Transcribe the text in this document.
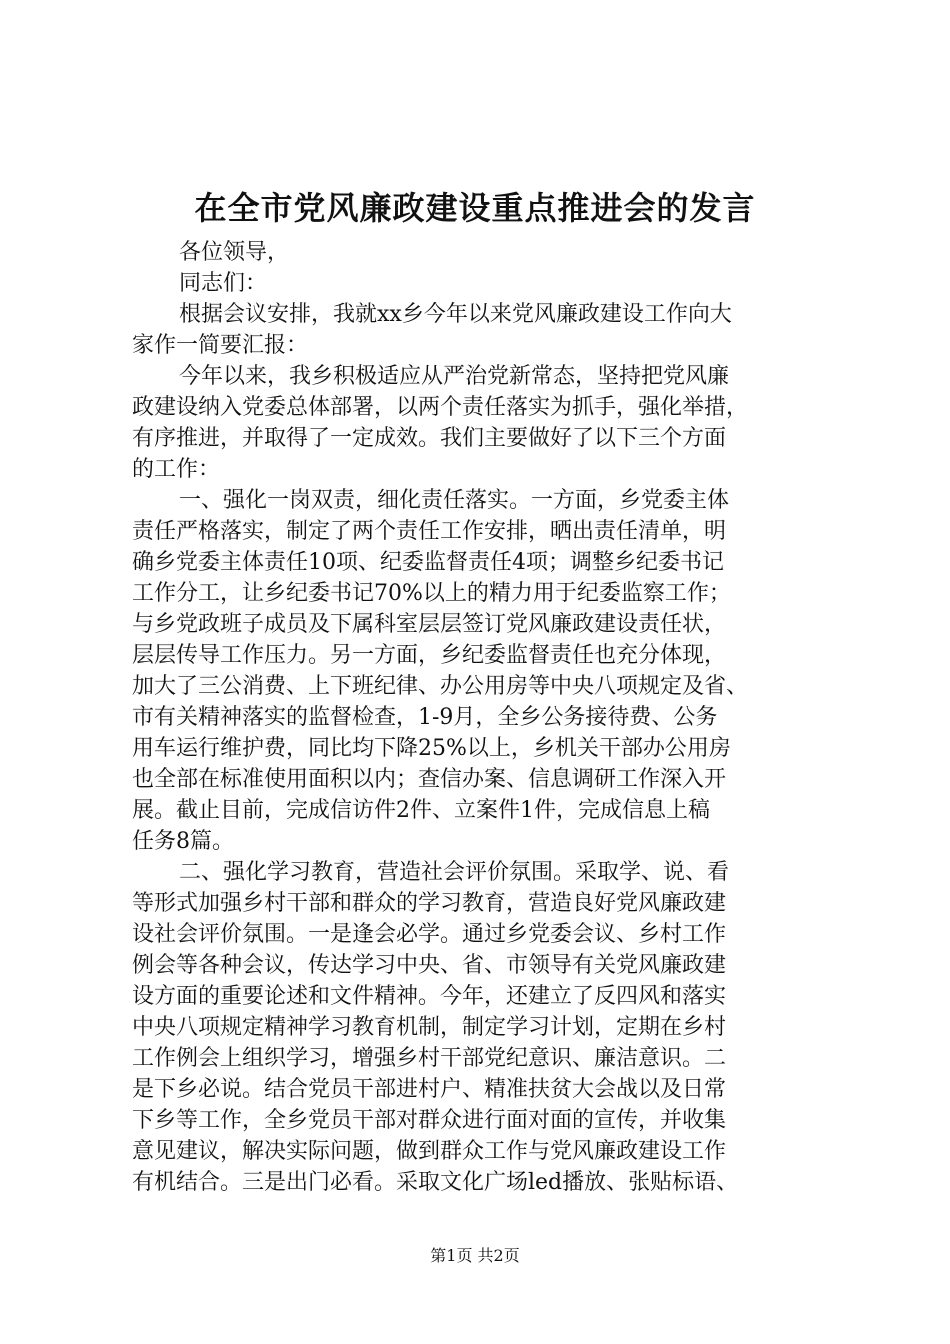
在全市党风廉政建设重点推进会的发言
各位领导，
同志们：
根据会议安排，我就xx乡今年以来党风廉政建设工作向大
家作一简要汇报：
今年以来，我乡积极适应从严治党新常态，坚持把党风廉
政建设纳入党委总体部署，以两个责任落实为抓手，强化举措，
有序推进，并取得了一定成效。我们主要做好了以下三个方面
的工作：
一、强化一岗双责，细化责任落实。一方面，乡党委主体
责任严格落实，制定了两个责任工作安排，晒出责任清单，明
确乡党委主体责任10项、纪委监督责任4项；调整乡纪委书记
工作分工，让乡纪委书记70%以上的精力用于纪委监察工作；
与乡党政班子成员及下属科室层层签订党风廉政建设责任状，
层层传导工作压力。另一方面，乡纪委监督责任也充分体现，
加大了三公消费、上下班纪律、办公用房等中央八项规定及省、
市有关精神落实的监督检查，1-9月，全乡公务接待费、公务
用车运行维护费，同比均下降25%以上，乡机关干部办公用房
也全部在标准使用面积以内；查信办案、信息调研工作深入开
展。截止目前，完成信访件2件、立案件1件，完成信息上稿
任务8篇。
二、强化学习教育，营造社会评价氛围。采取学、说、看
等形式加强乡村干部和群众的学习教育，营造良好党风廉政建
设社会评价氛围。一是逢会必学。通过乡党委会议、乡村工作
例会等各种会议，传达学习中央、省、市领导有关党风廉政建
设方面的重要论述和文件精神。今年，还建立了反四风和落实
中央八项规定精神学习教育机制，制定学习计划，定期在乡村
工作例会上组织学习，增强乡村干部党纪意识、廉洁意识。二
是下乡必说。结合党员干部进村户、精准扶贫大会战以及日常
下乡等工作，全乡党员干部对群众进行面对面的宣传，并收集
意见建议，解决实际问题，做到群众工作与党风廉政建设工作
有机结合。三是出门必看。采取文化广场led播放、张贴标语、
第1页 共2页
